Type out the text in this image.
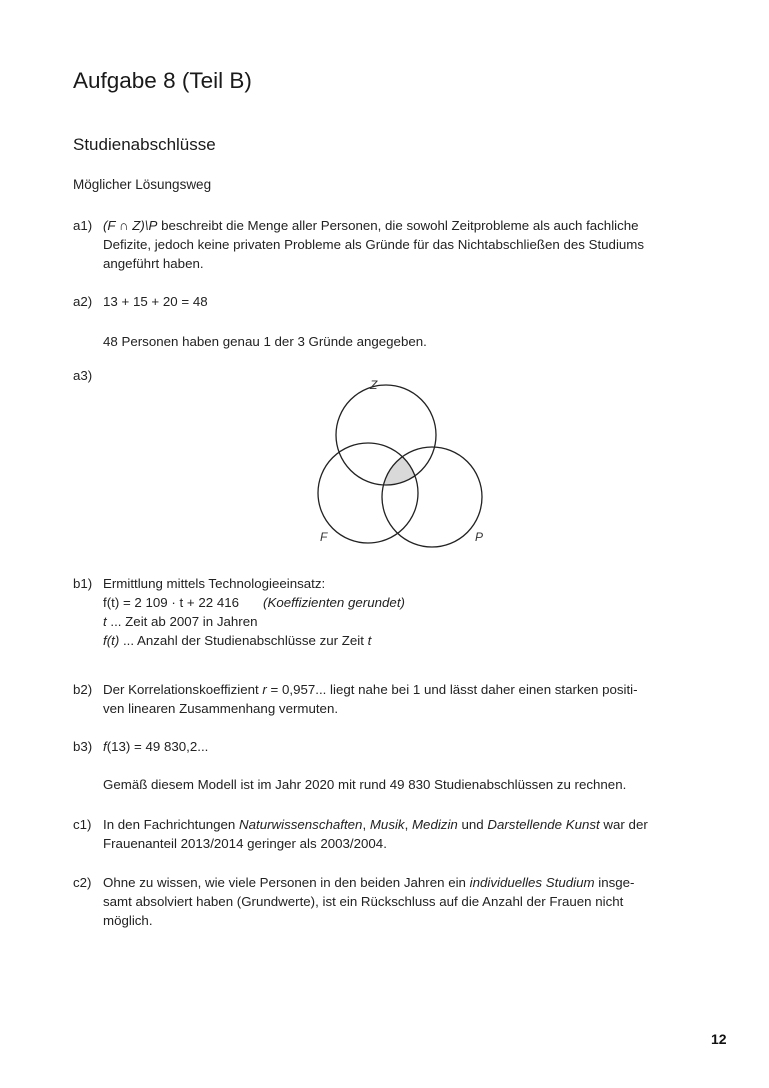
Aufgabe 8 (Teil B)
Studienabschlüsse
Möglicher Lösungsweg
a1) (F ∩ Z)\P beschreibt die Menge aller Personen, die sowohl Zeitprobleme als auch fachliche
Defizite, jedoch keine privaten Probleme als Gründe für das Nichtabschließen des Studiums
angeführt haben.
a2) 13 + 15 + 20 = 48
48 Personen haben genau 1 der 3 Gründe angegeben.
a3)
Z
F	P
b1) Ermittlung mittels Technologieeinsatz:
f(t) = 2 109 · t + 22 416 (Koeffizienten gerundet)
t ... Zeit ab 2007 in Jahren
f(t) ... Anzahl der Studienabschlüsse zur Zeit t
b2) Der Korrelationskoeffizient r = 0,957... liegt nahe bei 1 und lässt daher einen starken positi-
ven linearen Zusammenhang vermuten.
b3) f(13) = 49 830,2...
Gemäß diesem Modell ist im Jahr 2020 mit rund 49 830 Studienabschlüssen zu rechnen.
c1) In den Fachrichtungen Naturwissenschaften, Musik, Medizin und Darstellende Kunst war der
Frauenanteil 2013/2014 geringer als 2003/2004.
c2) Ohne zu wissen, wie viele Personen in den beiden Jahren ein individuelles Studium insge-
samt absolviert haben (Grundwerte), ist ein Rückschluss auf die Anzahl der Frauen nicht
möglich.
12
